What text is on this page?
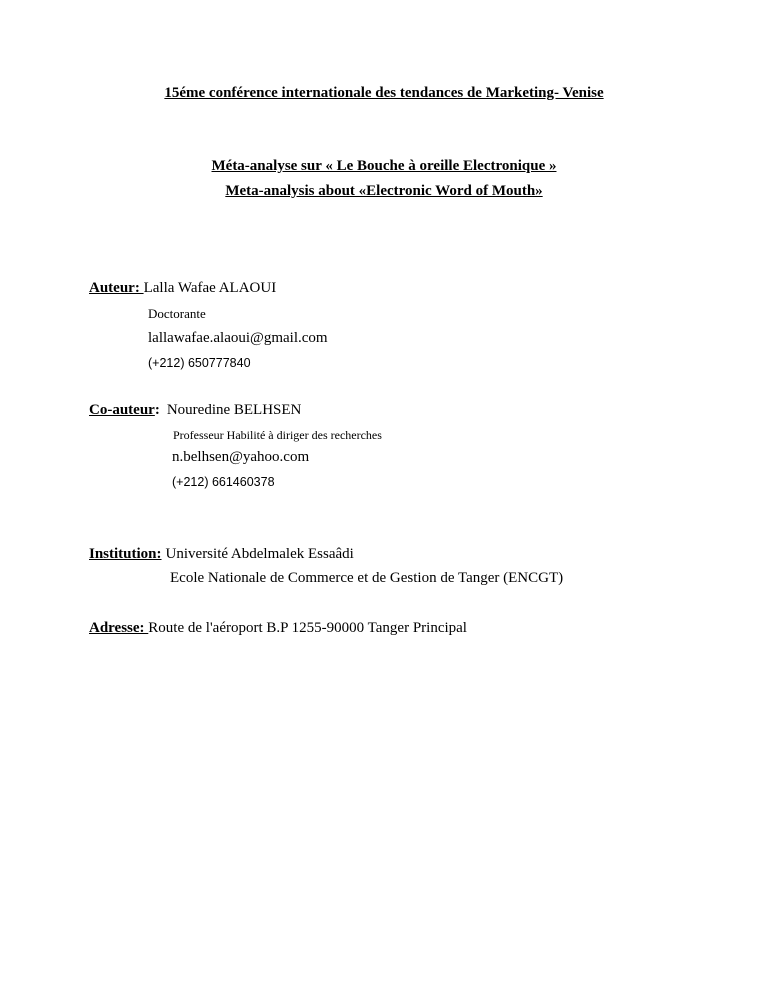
15éme conférence internationale des tendances de Marketing- Venise
Méta-analyse sur « Le Bouche à oreille Electronique »
Meta-analysis about «Electronic Word of Mouth»
Auteur: Lalla Wafae ALAOUI
Doctorante
lallawafae.alaoui@gmail.com
(+212) 650777840
Co-auteur: Nouredine BELHSEN
Professeur Habilité à diriger des recherches
n.belhsen@yahoo.com
(+212) 661460378
Institution: Université Abdelmalek Essaâdi
Ecole Nationale de Commerce et de Gestion de Tanger (ENCGT)
Adresse: Route de l'aéroport B.P 1255-90000 Tanger Principal
